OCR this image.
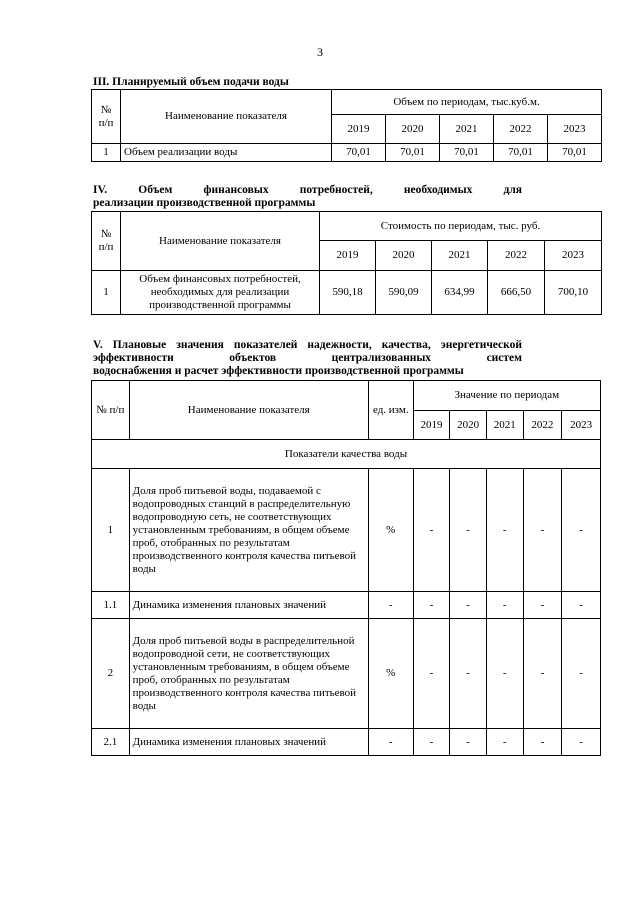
3

III. Планируемый объем подачи воды

№ п/п	Наименование показателя	Объем по периодам, тыс.куб.м.				
		2019	2020	2021	2022	2023
1	Объем реализации воды	70,01	70,01	70,01	70,01	70,01

IV. Объем финансовых потребностей, необходимых для
реализации производственной программы

№ п/п	Наименование показателя	Стоимость по периодам, тыс. руб.				
		2019	2020	2021	2022	2023
1	Объем финансовых потребностей, необходимых для реализации производственной программы	590,18	590,09	634,99	666,50	700,10

V. Плановые значения показателей надежности, качества, энергетической эффективности объектов централизованных систем
водоснабжения и расчет эффективности производственной программы

№ п/п	Наименование показателя	ед. изм.	Значение по периодам				
			2019	2020	2021	2022	2023
Показатели качества воды							
1	Доля проб питьевой воды, подаваемой с водопроводных станций в распределительную водопроводную сеть, не соответствующих установленным требованиям, в общем объеме проб, отобранных по результатам производственного контроля качества питьевой воды	%	-	-	-	-	-
1.1	Динамика изменения плановых значений	-	-	-	-	-	-
2	Доля проб питьевой воды в распределительной водопроводной сети, не соответствующих установленным требованиям, в общем объеме проб, отобранных по результатам производственного контроля качества питьевой воды	%	-	-	-	-	-
2.1	Динамика изменения плановых значений	-	-	-	-	-	-
